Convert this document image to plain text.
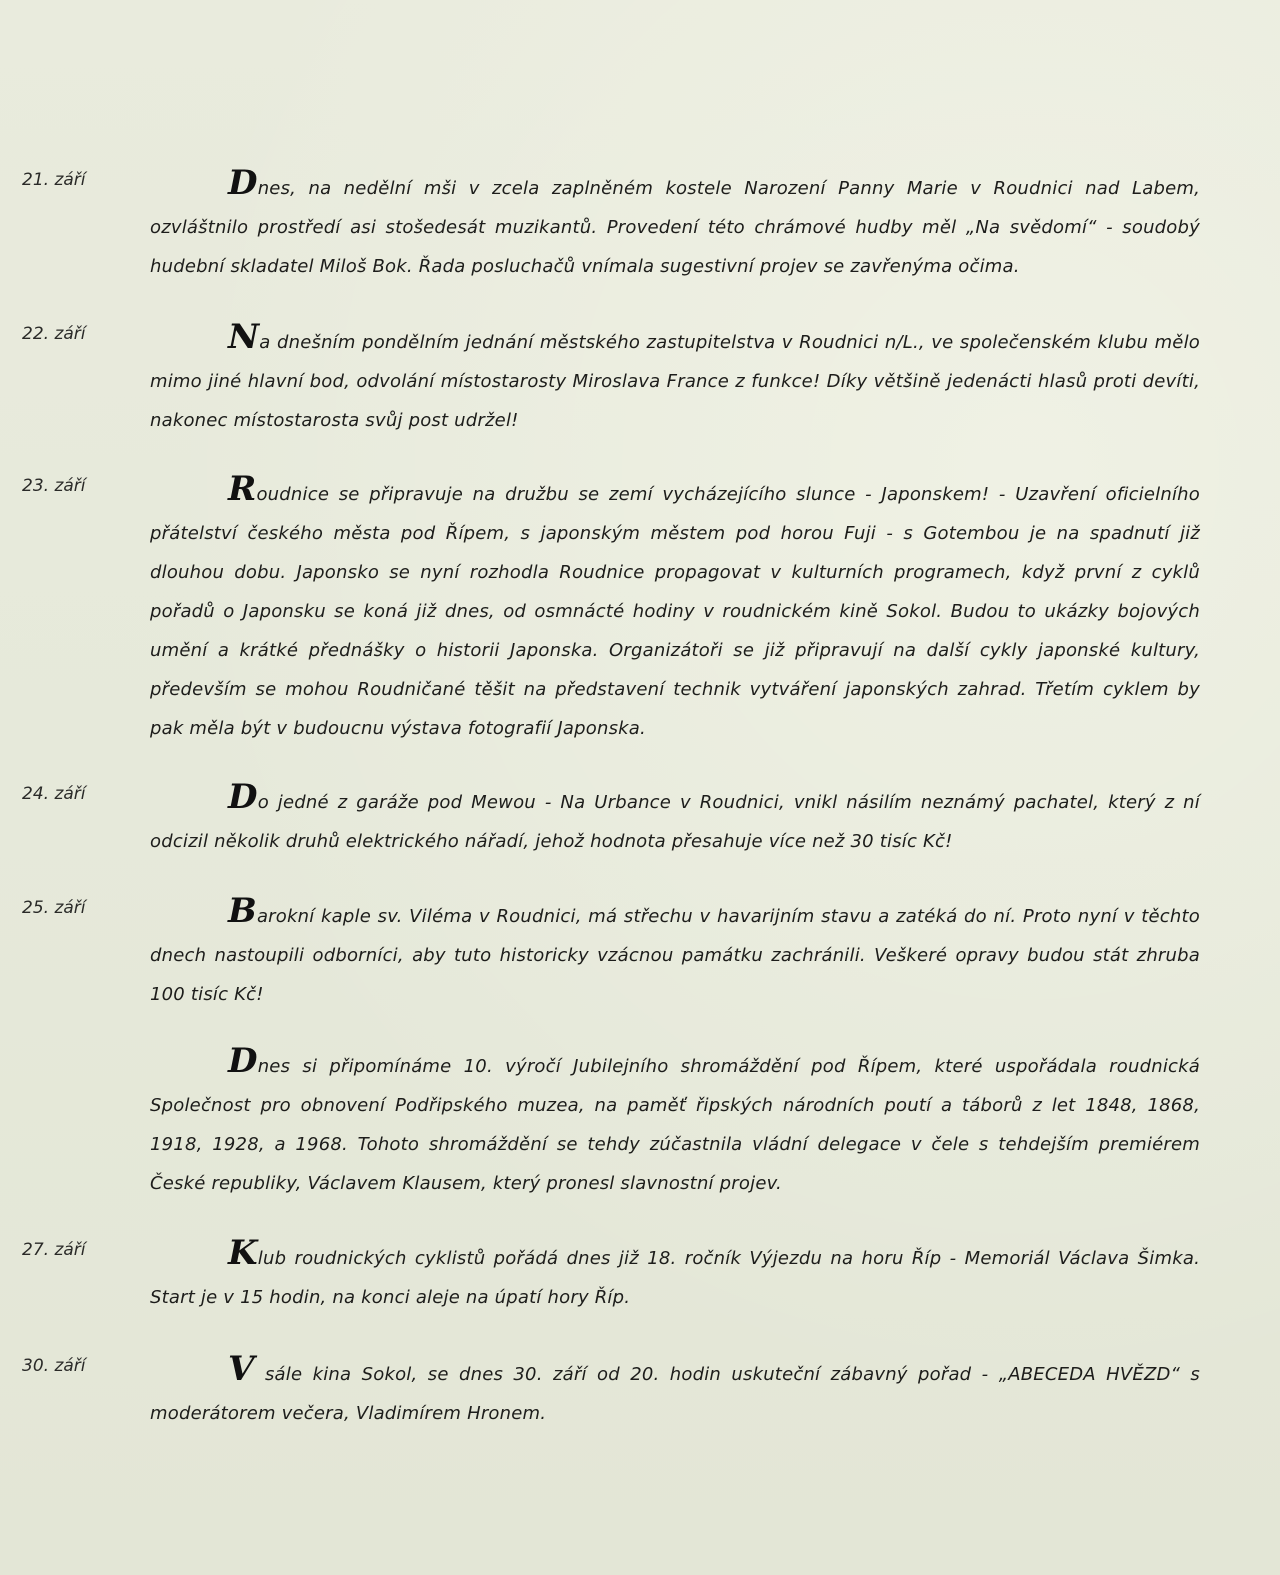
21. září	Dnes, na nedělní mši v zcela zaplněném kostele Narození Panny Marie v Roudnici nad Labem, ozvláštnilo prostředí asi stošedesát muzikantů. Provedení této chrámové hudby měl „Na svědomí“ - soudobý hudební skladatel Miloš Bok. Řada posluchačů vnímala sugestivní projev se zavřenýma očima.
22. září	Na dnešním pondělním jednání městského zastupitelstva v Roudnici n/L., ve společenském klubu mělo mimo jiné hlavní bod, odvolání místostarosty Miroslava France z funkce! Díky většině jedenácti hlasů proti devíti, nakonec místostarosta svůj post udržel!
23. září	Roudnice se připravuje na družbu se zemí vycházejícího slunce - Japonskem! - Uzavření oficielního přátelství českého města pod Řípem, s japonským městem pod horou Fuji - s Gotembou je na spadnutí již dlouhou dobu. Japonsko se nyní rozhodla Roudnice propagovat v kulturních programech, když první z cyklů pořadů o Japonsku se koná již dnes, od osmnácté hodiny v roudnickém kině Sokol. Budou to ukázky bojových umění a krátké přednášky o historii Japonska. Organizátoři se již připravují na další cykly japonské kultury, především se mohou Roudničané těšit na představení technik vytváření japonských zahrad. Třetím cyklem by pak měla být v budoucnu výstava fotografií Japonska.
24. září	Do jedné z garáže pod Mewou - Na Urbance v Roudnici, vnikl násilím neznámý pachatel, který z ní odcizil několik druhů elektrického nářadí, jehož hodnota přesahuje více než 30 tisíc Kč!
25. září	Barokní kaple sv. Viléma v Roudnici, má střechu v havarijním stavu a zatéká do ní. Proto nyní v těchto dnech nastoupili odborníci, aby tuto historicky vzácnou památku zachránili. Veškeré opravy budou stát zhruba 100 tisíc Kč!
Dnes si připomínáme 10. výročí Jubilejního shromáždění pod Řípem, které uspořádala roudnická Společnost pro obnovení Podřipského muzea, na paměť řipských národních poutí a táborů z let 1848, 1868, 1918, 1928, a 1968. Tohoto shromáždění se tehdy zúčastnila vládní delegace v čele s tehdejším premiérem České republiky, Václavem Klausem, který pronesl slavnostní projev.
27. září	Klub roudnických cyklistů pořádá dnes již 18. ročník Výjezdu na horu Říp - Memoriál Václava Šimka. Start je v 15 hodin, na konci aleje na úpatí hory Říp.
30. září	V sále kina Sokol, se dnes 30. září od 20. hodin uskuteční zábavný pořad - „ABECEDA HVĚZD“ s moderátorem večera, Vladimírem Hronem.
